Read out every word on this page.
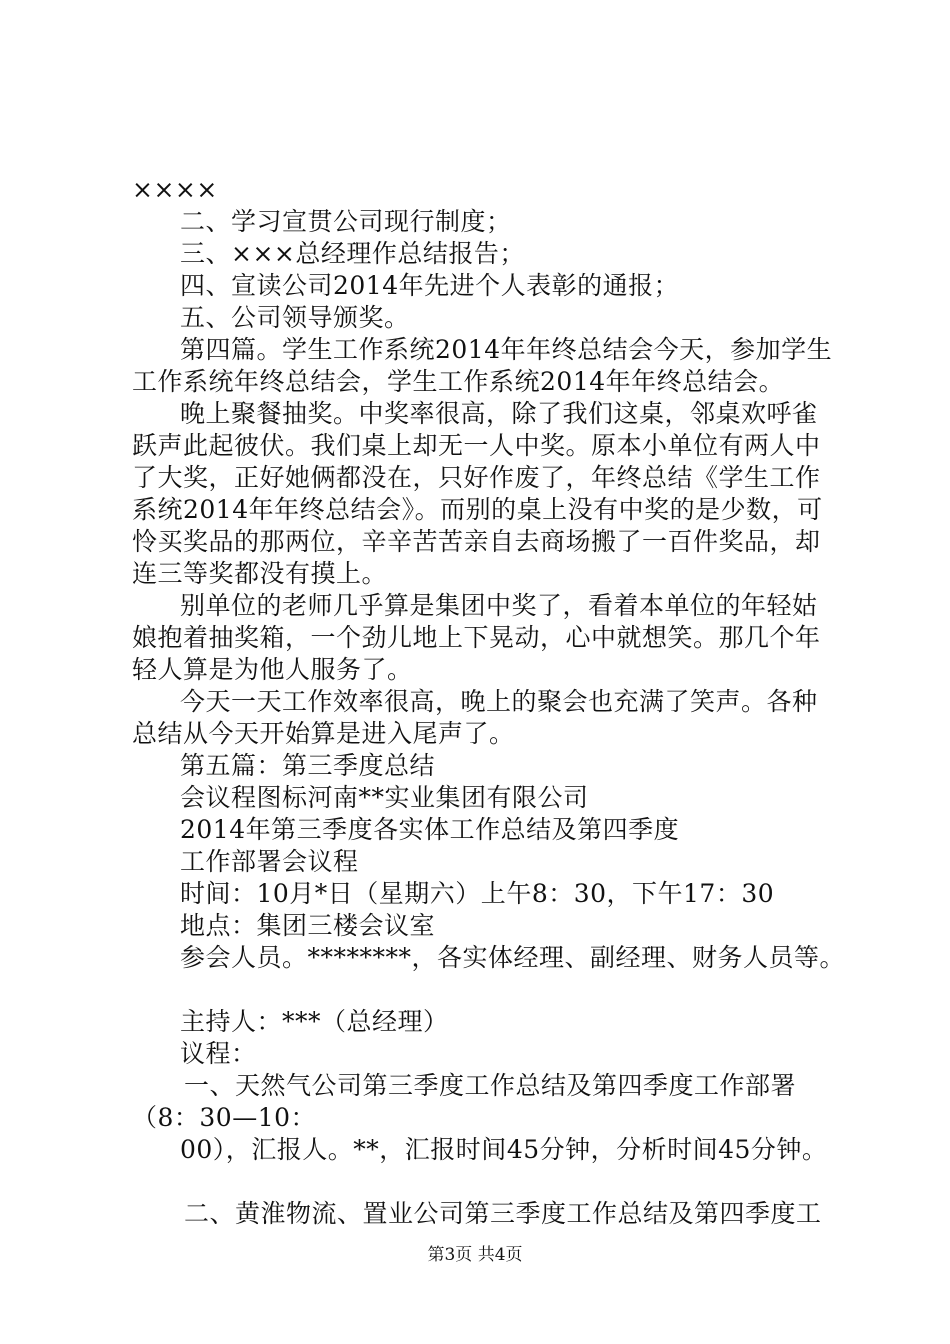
××××
二、学习宣贯公司现行制度；
三、×××总经理作总结报告；
四、宣读公司2014年先进个人表彰的通报；
五、公司领导颁奖。
第四篇。学生工作系统2014年年终总结会今天，参加学生
工作系统年终总结会，学生工作系统2014年年终总结会。
晚上聚餐抽奖。中奖率很高，除了我们这桌，邻桌欢呼雀
跃声此起彼伏。我们桌上却无一人中奖。原本小单位有两人中
了大奖，正好她俩都没在，只好作废了，年终总结《学生工作
系统2014年年终总结会》。而别的桌上没有中奖的是少数，可
怜买奖品的那两位，辛辛苦苦亲自去商场搬了一百件奖品，却
连三等奖都没有摸上。
别单位的老师几乎算是集团中奖了，看着本单位的年轻姑
娘抱着抽奖箱，一个劲儿地上下晃动，心中就想笑。那几个年
轻人算是为他人服务了。
今天一天工作效率很高，晚上的聚会也充满了笑声。各种
总结从今天开始算是进入尾声了。
第五篇：第三季度总结
会议程图标河南**实业集团有限公司
2014年第三季度各实体工作总结及第四季度
工作部署会议程
时间：10月*日（星期六）上午8：30，下午17：30
地点：集团三楼会议室
参会人员。********，各实体经理、副经理、财务人员等。
主持人：***（总经理）
议程：
一、天然气公司第三季度工作总结及第四季度工作部署
（8：30—10：
00），汇报人。**，汇报时间45分钟，分析时间45分钟。
二、黄淮物流、置业公司第三季度工作总结及第四季度工
第3页 共4页
